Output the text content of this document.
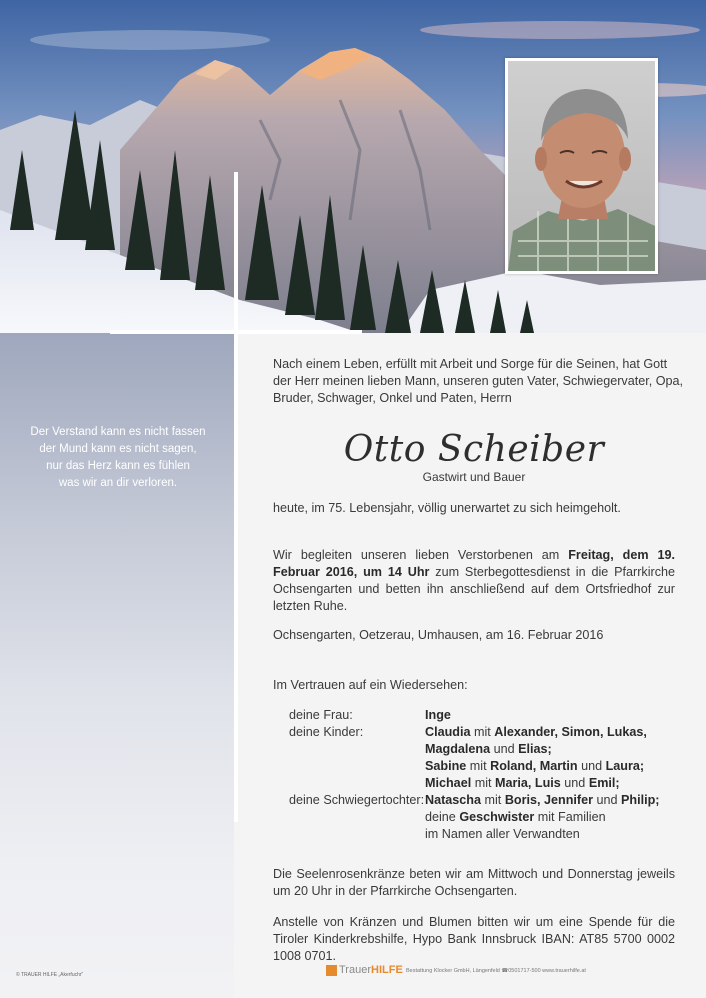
Der Verstand kann es nicht fassen
der Mund kann es nicht sagen,
nur das Herz kann es fühlen
was wir an dir verloren.
Nach einem Leben, erfüllt mit Arbeit und Sorge für die Seinen, hat Gott
der Herr meinen lieben Mann, unseren guten Vater, Schwiegervater, Opa,
Bruder, Schwager, Onkel und Paten, Herrn
Otto Scheiber
Gastwirt und Bauer
heute, im 75. Lebensjahr, völlig unerwartet zu sich heimgeholt.
Wir begleiten unseren lieben Verstorbenen am Freitag, dem 19. Februar 2016, um 14 Uhr zum Sterbegottesdienst in die Pfarrkirche Ochsengarten und betten ihn anschließend auf dem Ortsfriedhof zur letzten Ruhe.
Ochsengarten, Oetzerau, Umhausen, am 16. Februar 2016
Im Vertrauen auf ein Wiedersehen:
deine Frau:	Inge
deine Kinder:	Claudia mit Alexander, Simon, Lukas,
Magdalena und Elias;
Sabine mit Roland, Martin und Laura;
Michael mit Maria, Luis und Emil;
deine Schwiegertochter: Natascha mit Boris, Jennifer und Philip;
deine Geschwister mit Familien
im Namen aller Verwandten
Die Seelenrosenkränze beten wir am Mittwoch und Donnerstag jeweils um 20 Uhr in der Pfarrkirche Ochsengarten.
Anstelle von Kränzen und Blumen bitten wir um eine Spende für die Tiroler Kinderkrebshilfe, Hypo Bank Innsbruck IBAN: AT85 5700 0002 1008 0701.
© TRAUER HILFE „Akerfuchr“	TrauerHILFE Bestattung Klocker GmbH, Längenfeld ☎0501717-500 www.trauerhilfe.at
